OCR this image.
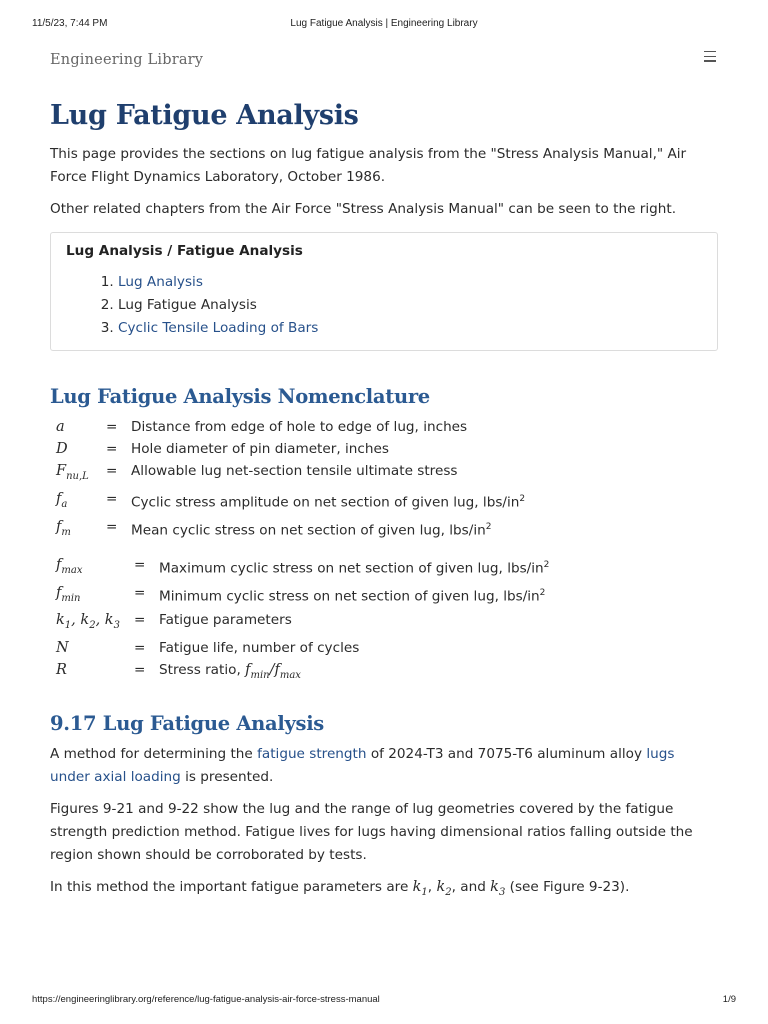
11/5/23, 7:44 PM	Lug Fatigue Analysis | Engineering Library
Engineering Library
Lug Fatigue Analysis

This page provides the sections on lug fatigue analysis from the "Stress Analysis Manual," Air Force Flight Dynamics Laboratory, October 1986.

Other related chapters from the Air Force "Stress Analysis Manual" can be seen to the right.

Lug Analysis / Fatigue Analysis
1. Lug Analysis
2. Lug Fatigue Analysis
3. Cyclic Tensile Loading of Bars
Lug Fatigue Analysis Nomenclature
a	=	Distance from edge of hole to edge of lug, inches
D	=	Hole diameter of pin diameter, inches
$F_{nu,L}$	=	Allowable lug net-section tensile ultimate stress
$f_a$	=	Cyclic stress amplitude on net section of given lug, lbs/$in^2$
$f_m$	=	Mean cyclic stress on net section of given lug, lbs/$in^2$
$f_{max}$	=	Maximum cyclic stress on net section of given lug, lbs/$in^2$
$f_{min}$	=	Minimum cyclic stress on net section of given lug, lbs/$in^2$
$k_1$, $k_2$, $k_3$	=	Fatigue parameters
N	=	Fatigue life, number of cycles
R	=	Stress ratio, $f_{min}/f_{max}$
9.17 Lug Fatigue Analysis

A method for determining the fatigue strength of 2024-T3 and 7075-T6 aluminum alloy lugs under axial loading is presented.

Figures 9-21 and 9-22 show the lug and the range of lug geometries covered by the fatigue strength prediction method. Fatigue lives for lugs having dimensional ratios falling outside the region shown should be corroborated by tests.

In this method the important fatigue parameters are $k_1$, $k_2$, and $k_3$ (see Figure 9-23).

https://engineeringlibrary.org/reference/lug-fatigue-analysis-air-force-stress-manual	1/9
